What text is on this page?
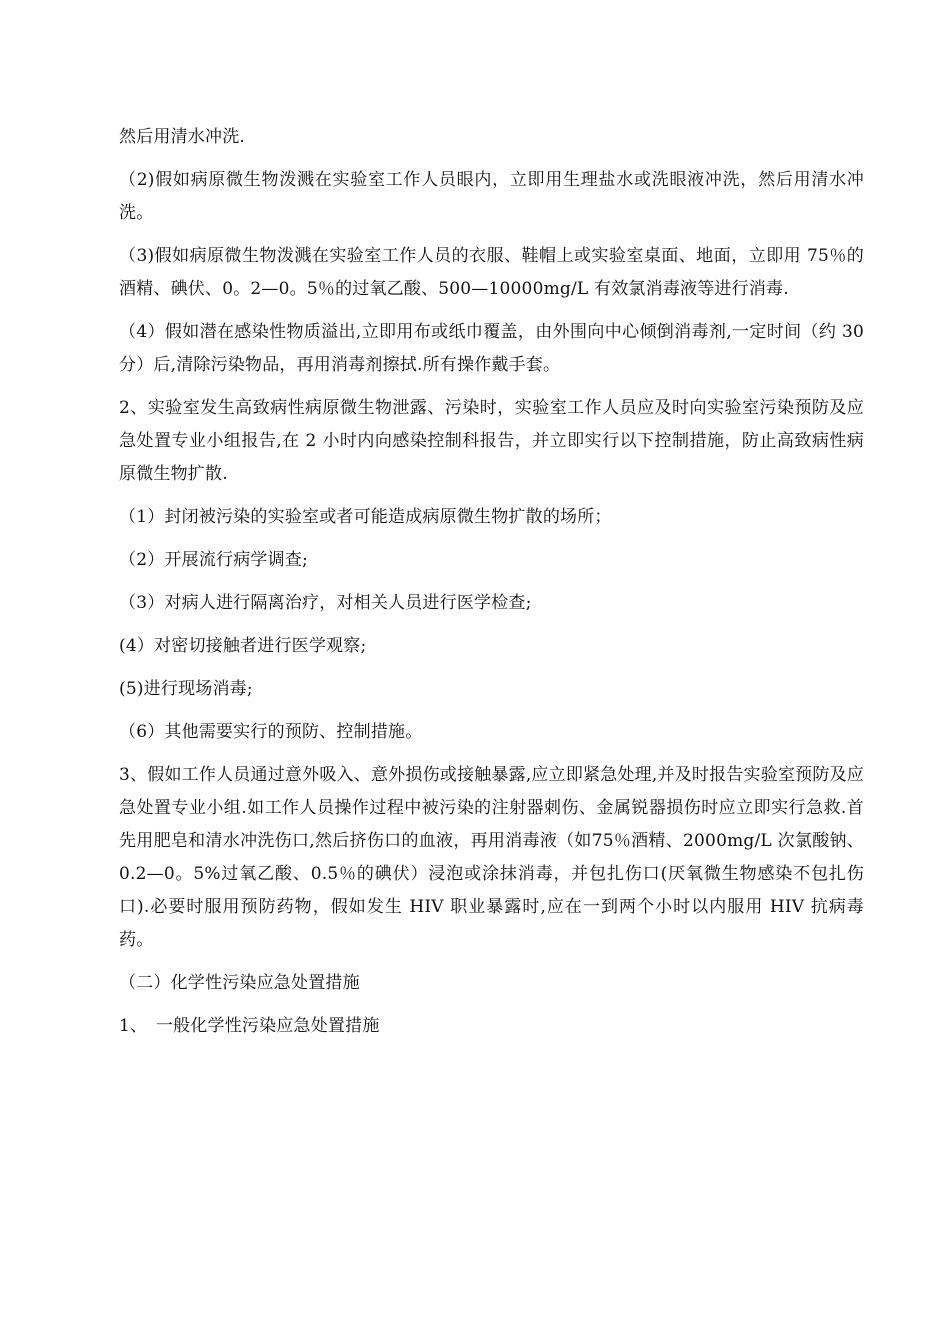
然后用清水冲洗.

（2)假如病原微生物泼溅在实验室工作人员眼内，立即用生理盐水或洗眼液冲洗，然后用清水冲洗。

（3)假如病原微生物泼溅在实验室工作人员的衣服、鞋帽上或实验室桌面、地面，立即用 75％的酒精、碘伏、0。2—0。5％的过氧乙酸、500—10000mg/L 有效氯消毒液等进行消毒.

（4）假如潜在感染性物质溢出,立即用布或纸巾覆盖，由外围向中心倾倒消毒剂,一定时间（约 30 分）后,清除污染物品，再用消毒剂擦拭.所有操作戴手套。

2、实验室发生高致病性病原微生物泄露、污染时，实验室工作人员应及时向实验室污染预防及应急处置专业小组报告,在 2 小时内向感染控制科报告，并立即实行以下控制措施，防止高致病性病原微生物扩散.

（1）封闭被污染的实验室或者可能造成病原微生物扩散的场所；

（2）开展流行病学调查;

（3）对病人进行隔离治疗，对相关人员进行医学检查;

(4）对密切接触者进行医学观察;

(5)进行现场消毒;

（6）其他需要实行的预防、控制措施。

3、假如工作人员通过意外吸入、意外损伤或接触暴露,应立即紧急处理,并及时报告实验室预防及应急处置专业小组.如工作人员操作过程中被污染的注射器刺伤、金属锐器损伤时应立即实行急救.首先用肥皂和清水冲洗伤口,然后挤伤口的血液，再用消毒液（如75％酒精、2000mg/L 次氯酸钠、0.2—0。5%过氧乙酸、0.5％的碘伏）浸泡或涂抹消毒，并包扎伤口(厌氧微生物感染不包扎伤口).必要时服用预防药物，假如发生 HIV 职业暴露时,应在一到两个小时以内服用 HIV 抗病毒药。

（二）化学性污染应急处置措施

1、　一般化学性污染应急处置措施
